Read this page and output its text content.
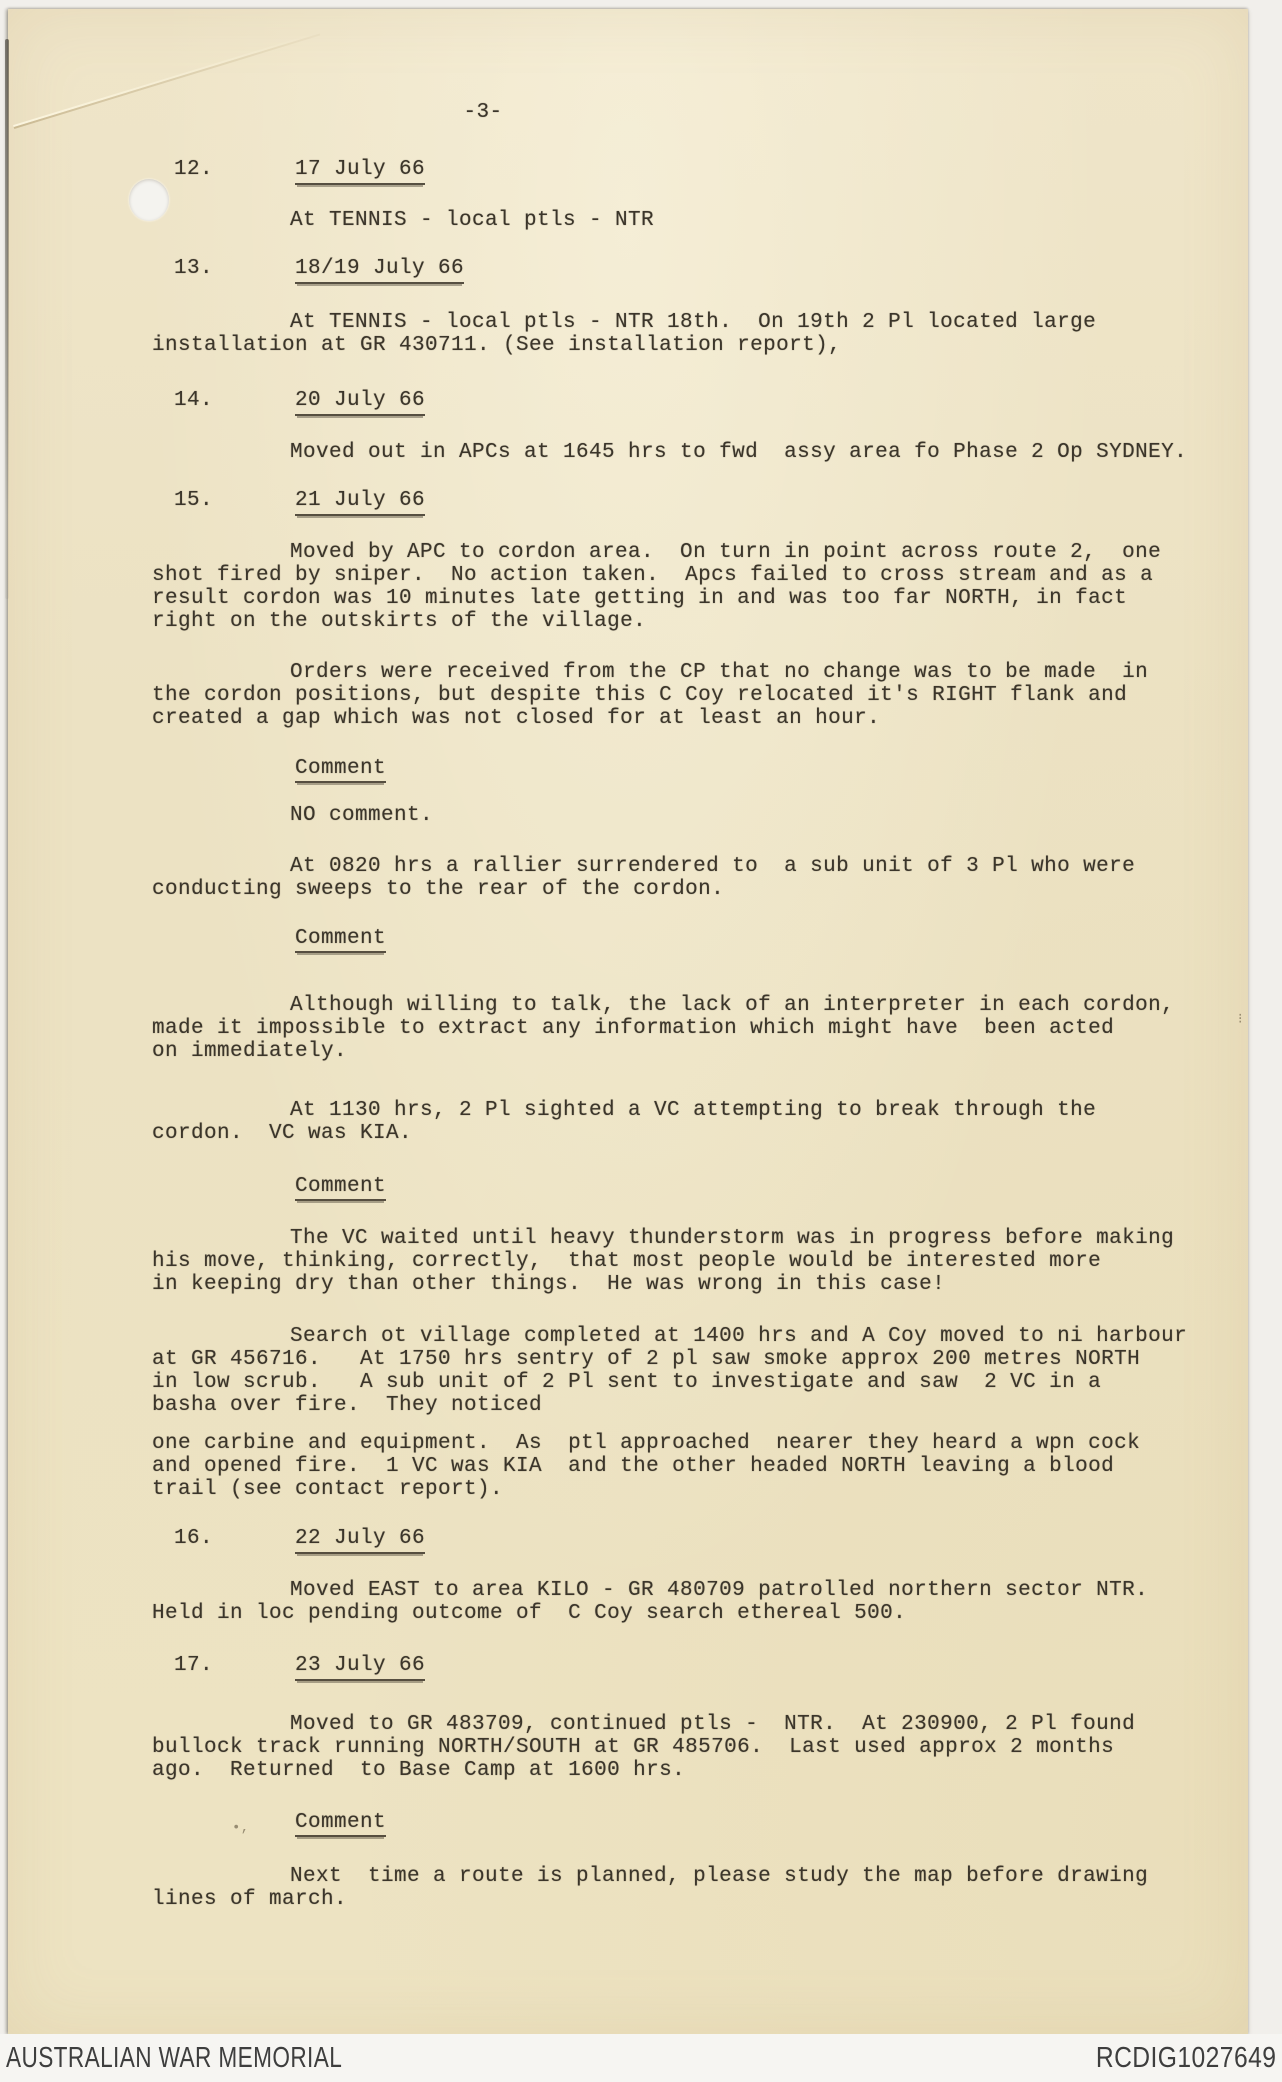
-3-
12.	17 July 66
At TENNIS - local ptls - NTR
13.	18/19 July 66
At TENNIS - local ptls - NTR 18th.  On 19th 2 Pl located large
installation at GR 430711. (See installation report),
14.	20 July 66
Moved out in APCs at 1645 hrs to fwd  assy area fo Phase 2 Op SYDNEY.
15.	21 July 66
Moved by APC to cordon area.  On turn in point across route 2,  one
shot fired by sniper.  No action taken.  Apcs failed to cross stream and as a
result cordon was 10 minutes late getting in and was too far NORTH, in fact
right on the outskirts of the village.
Orders were received from the CP that no change was to be made  in
the cordon positions, but despite this C Coy relocated it's RIGHT flank and
created a gap which was not closed for at least an hour.
Comment
NO comment.
At 0820 hrs a rallier surrendered to  a sub unit of 3 Pl who were
conducting sweeps to the rear of the cordon.
Comment
Although willing to talk, the lack of an interpreter in each cordon,
made it impossible to extract any information which might have  been acted
on immediately.
At 1130 hrs, 2 Pl sighted a VC attempting to break through the
cordon.  VC was KIA.
Comment
The VC waited until heavy thunderstorm was in progress before making
his move, thinking, correctly,  that most people would be interested more
in keeping dry than other things.  He was wrong in this case!
Search ot village completed at 1400 hrs and A Coy moved to ni harbour
at GR 456716.   At 1750 hrs sentry of 2 pl saw smoke approx 200 metres NORTH
in low scrub.   A sub unit of 2 Pl sent to investigate and saw  2 VC in a
basha over fire.  They noticed
one carbine and equipment.  As  ptl approached  nearer they heard a wpn cock
and opened fire.  1 VC was KIA  and the other headed NORTH leaving a blood
trail (see contact report).
16.	22 July 66
Moved EAST to area KILO - GR 480709 patrolled northern sector NTR.
Held in loc pending outcome of  C Coy search ethereal 500.
17.	23 July 66
Moved to GR 483709, continued ptls -  NTR.  At 230900, 2 Pl found
bullock track running NORTH/SOUTH at GR 485706.  Last used approx 2 months
ago.  Returned  to Base Camp at 1600 hrs.
•, Comment
Next  time a route is planned, please study the map before drawing
lines of march.
⁝
AUSTRALIAN WAR MEMORIAL	RCDIG1027649
